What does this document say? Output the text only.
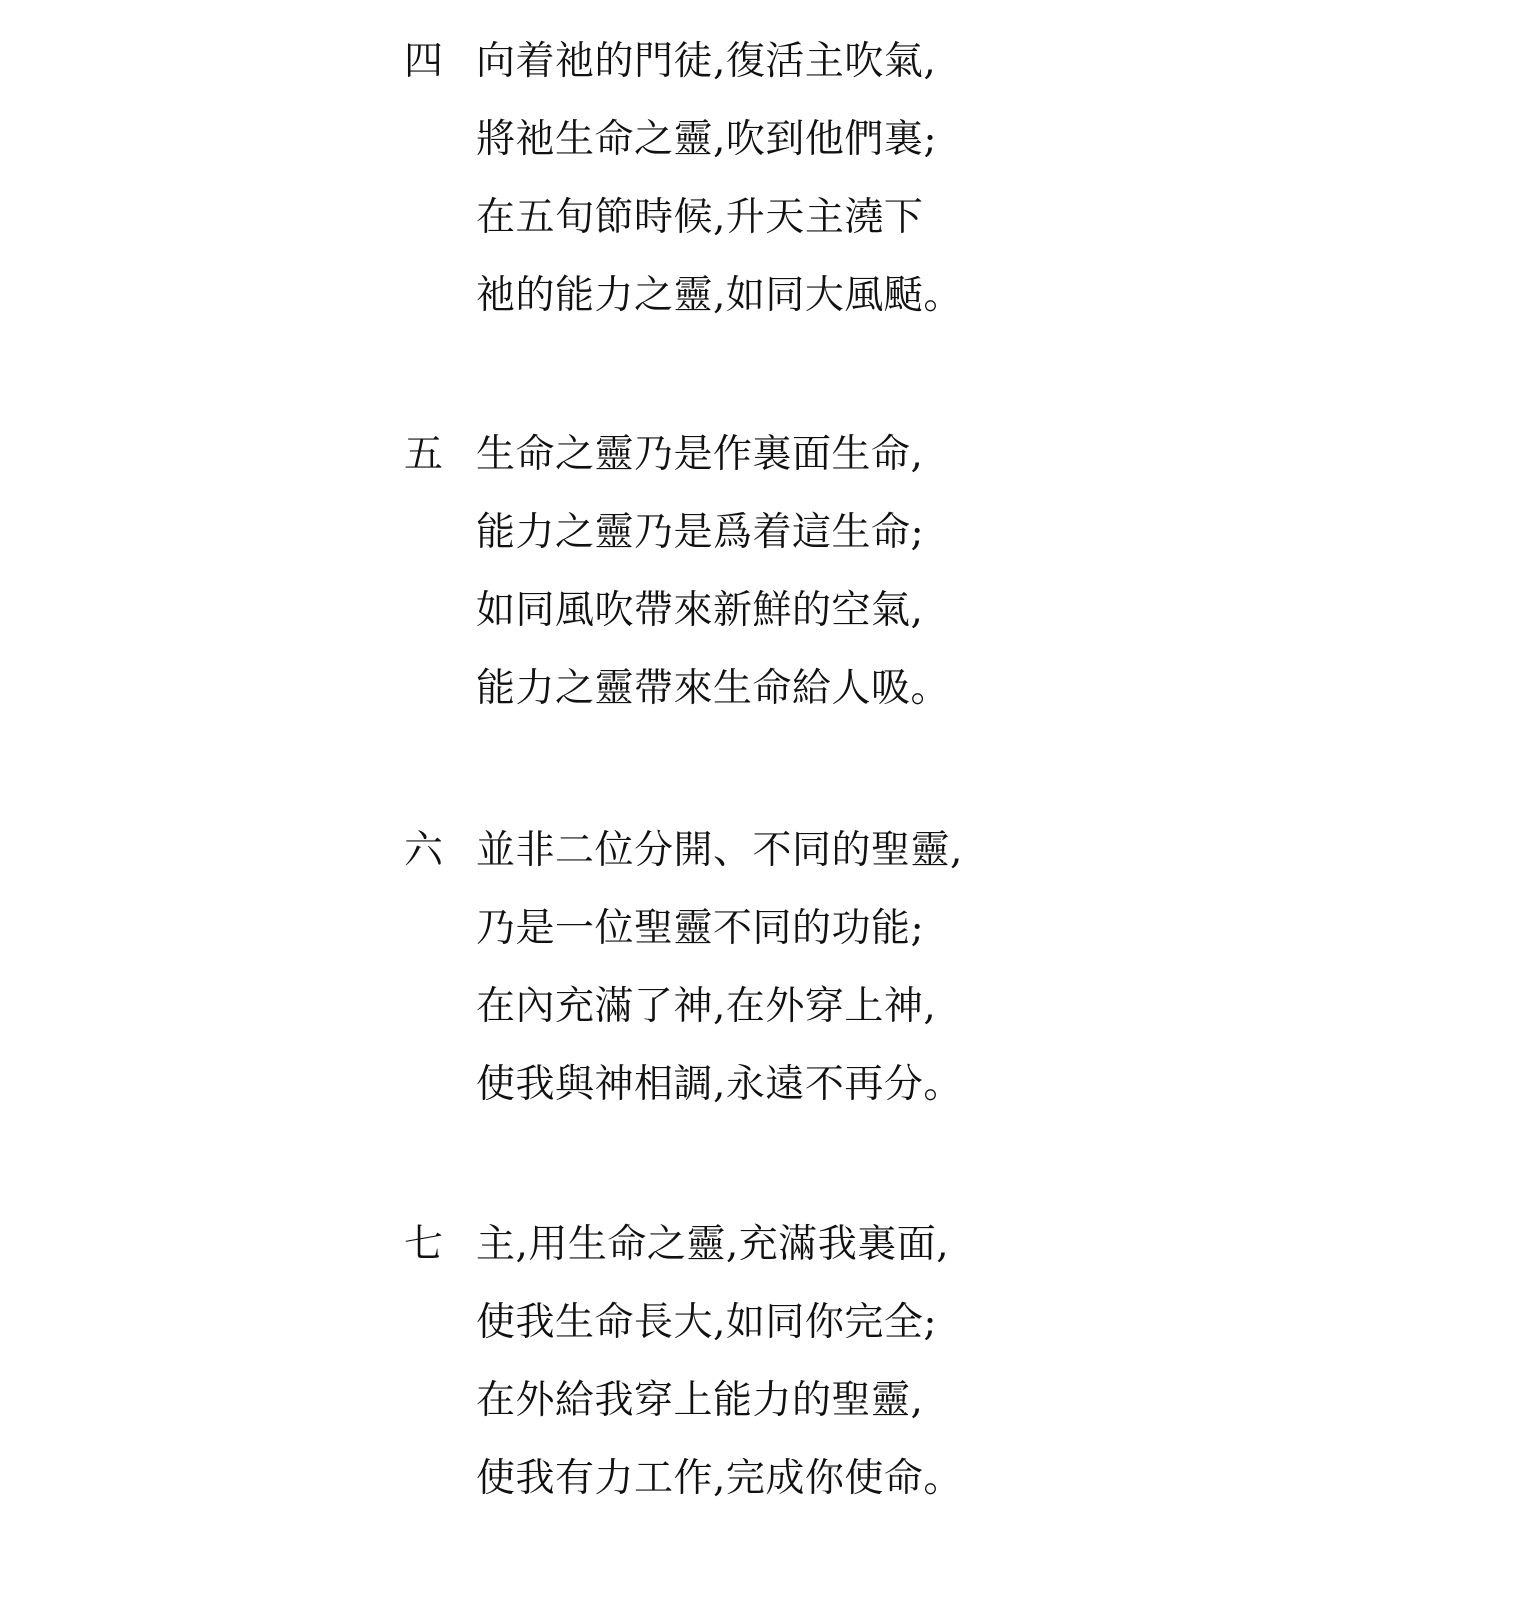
四 向着祂的門徒,復活主吹氣,
將祂生命之靈,吹到他們裏;
在五旬節時候,升天主澆下
祂的能力之靈,如同大風颳。
五 生命之靈乃是作裏面生命,
能力之靈乃是爲着這生命;
如同風吹帶來新鮮的空氣,
能力之靈帶來生命給人吸。
六 並非二位分開、不同的聖靈,
乃是一位聖靈不同的功能;
在內充滿了神,在外穿上神,
使我與神相調,永遠不再分。
七 主,用生命之靈,充滿我裏面,
使我生命長大,如同你完全;
在外給我穿上能力的聖靈,
使我有力工作,完成你使命。
